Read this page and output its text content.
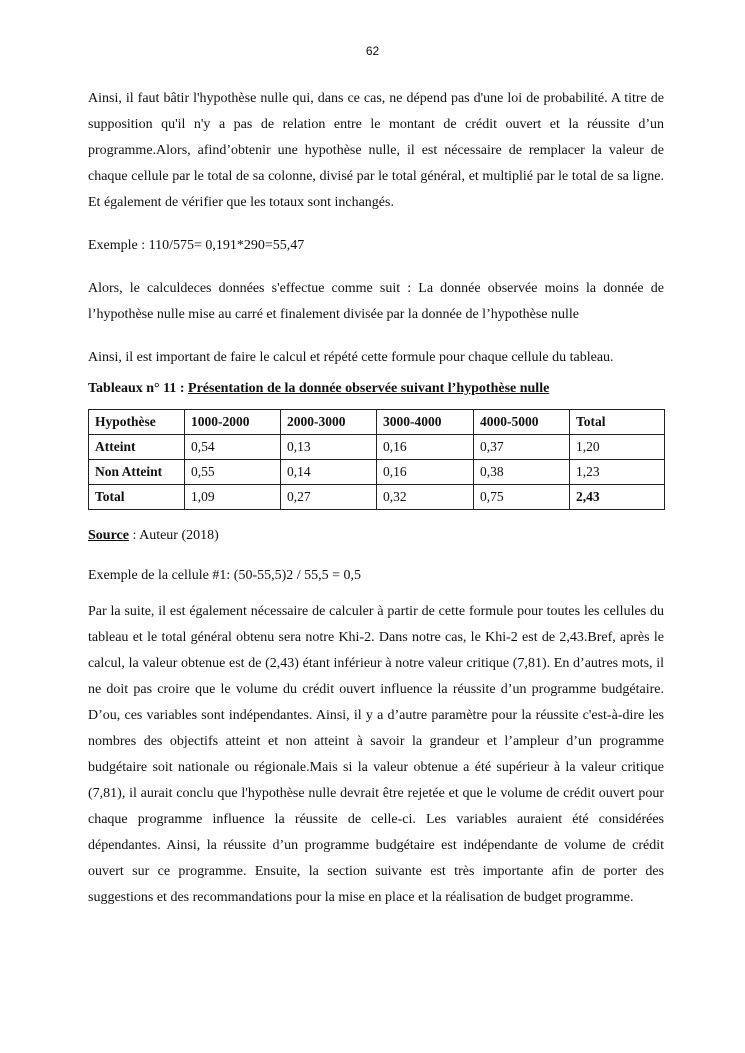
62

Ainsi, il faut bâtir l'hypothèse nulle qui, dans ce cas, ne dépend pas d'une loi de probabilité. A titre de supposition qu'il n'y a pas de relation entre le montant de crédit ouvert et la réussite d’un programme.Alors, afind’obtenir une hypothèse nulle, il est nécessaire de remplacer la valeur de chaque cellule par le total de sa colonne, divisé par le total général, et multiplié par le total de sa ligne. Et également de vérifier que les totaux sont inchangés.

Exemple : 110/575= 0,191*290=55,47

Alors, le calculdeces données s'effectue comme suit : La donnée observée moins la donnée de l’hypothèse nulle mise au carré et finalement divisée par la donnée de l’hypothèse nulle

Ainsi, il est important de faire le calcul et répété cette formule pour chaque cellule du tableau.

Tableaux n° 11 : Présentation de la donnée observée suivant l’hypothèse nulle

Hypothèse	1000-2000	2000-3000	3000-4000	4000-5000	Total
Atteint	0,54	0,13	0,16	0,37	1,20
Non Atteint	0,55	0,14	0,16	0,38	1,23
Total	1,09	0,27	0,32	0,75	2,43

Source : Auteur (2018)

Exemple de la cellule #1: (50-55,5)2 / 55,5 = 0,5

Par la suite, il est également nécessaire de calculer à partir de cette formule pour toutes les cellules du tableau et le total général obtenu sera notre Khi-2. Dans notre cas, le Khi-2 est de 2,43.Bref, après le calcul, la valeur obtenue est de (2,43) étant inférieur à notre valeur critique (7,81). En d’autres mots, il ne doit pas croire que le volume du crédit ouvert influence la réussite d’un programme budgétaire. D’ou, ces variables sont indépendantes. Ainsi, il y a d’autre paramètre pour la réussite c'est-à-dire les nombres des objectifs atteint et non atteint à savoir la grandeur et l’ampleur d’un programme budgétaire soit nationale ou régionale.Mais si la valeur obtenue a été supérieur à la valeur critique (7,81), il aurait conclu que l'hypothèse nulle devrait être rejetée et que le volume de crédit ouvert pour chaque programme influence la réussite de celle-ci. Les variables auraient été considérées dépendantes. Ainsi, la réussite d’un programme budgétaire est indépendante de volume de crédit ouvert sur ce programme. Ensuite, la section suivante est très importante afin de porter des suggestions et des recommandations pour la mise en place et la réalisation de budget programme.
